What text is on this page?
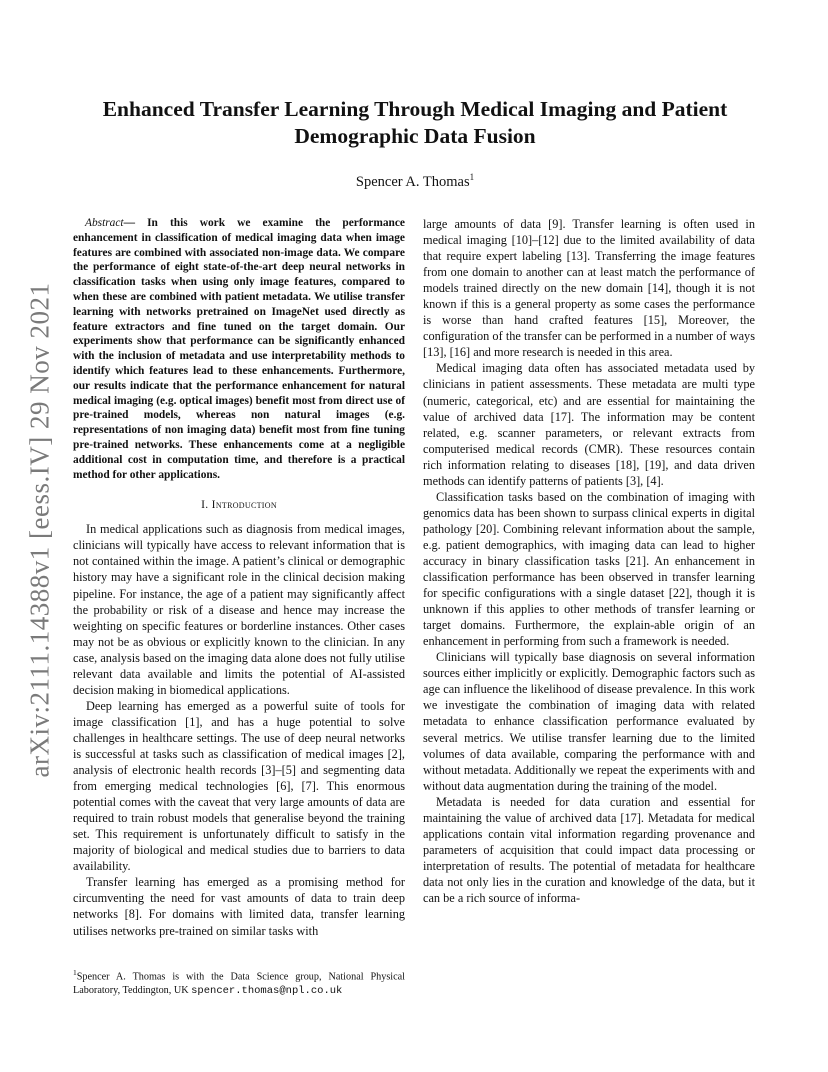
arXiv:2111.14388v1 [eess.IV] 29 Nov 2021
Enhanced Transfer Learning Through Medical Imaging and Patient Demographic Data Fusion
Spencer A. Thomas$^1$

Abstract— In this work we examine the performance enhancement in classification of medical imaging data when image features are combined with associated non-image data. We compare the performance of eight state-of-the-art deep neural networks in classification tasks when using only image features, compared to when these are combined with patient metadata. We utilise transfer learning with networks pretrained on ImageNet used directly as feature extractors and fine tuned on the target domain. Our experiments show that performance can be significantly enhanced with the inclusion of metadata and use interpretability methods to identify which features lead to these enhancements. Furthermore, our results indicate that the performance enhancement for natural medical imaging (e.g. optical images) benefit most from direct use of pre-trained models, whereas non natural images (e.g. representations of non imaging data) benefit most from fine tuning pre-trained networks. These enhancements come at a negligible additional cost in computation time, and therefore is a practical method for other applications.

I. Introduction

In medical applications such as diagnosis from medical images, clinicians will typically have access to relevant information that is not contained within the image. A patient’s clinical or demographic history may have a significant role in the clinical decision making pipeline. For instance, the age of a patient may significantly affect the probability or risk of a disease and hence may increase the weighting on specific features or borderline instances. Other cases may not be as obvious or explicitly known to the clinician. In any case, analysis based on the imaging data alone does not fully utilise relevant data available and limits the potential of AI-assisted decision making in biomedical applications.

Deep learning has emerged as a powerful suite of tools for image classification [1], and has a huge potential to solve challenges in healthcare settings. The use of deep neural networks is successful at tasks such as classification of medical images [2], analysis of electronic health records [3]–[5] and segmenting data from emerging medical technologies [6], [7]. This enormous potential comes with the caveat that very large amounts of data are required to train robust models that generalise beyond the training set. This requirement is unfortunately difficult to satisfy in the majority of biological and medical studies due to barriers to data availability.

Transfer learning has emerged as a promising method for circumventing the need for vast amounts of data to train deep networks [8]. For domains with limited data, transfer learning utilises networks pre-trained on similar tasks with

$^1$Spencer A. Thomas is with the Data Science group, National Physical Laboratory, Teddington, UK spencer.thomas@npl.co.uk

large amounts of data [9]. Transfer learning is often used in medical imaging [10]–[12] due to the limited availability of data that require expert labeling [13]. Transferring the image features from one domain to another can at least match the performance of models trained directly on the new domain [14], though it is not known if this is a general property as some cases the performance is worse than hand crafted features [15], Moreover, the configuration of the transfer can be performed in a number of ways [13], [16] and more research is needed in this area.

Medical imaging data often has associated metadata used by clinicians in patient assessments. These metadata are multi type (numeric, categorical, etc) and are essential for maintaining the value of archived data [17]. The information may be content related, e.g. scanner parameters, or relevant extracts from computerised medical records (CMR). These resources contain rich information relating to diseases [18], [19], and data driven methods can identify patterns of patients [3], [4].

Classification tasks based on the combination of imaging with genomics data has been shown to surpass clinical experts in digital pathology [20]. Combining relevant information about the sample, e.g. patient demographics, with imaging data can lead to higher accuracy in binary classification tasks [21]. An enhancement in classification performance has been observed in transfer learning for specific configurations with a single dataset [22], though it is unknown if this applies to other methods of transfer learning or target domains. Furthermore, the explain-able origin of an enhancement in performing from such a framework is needed.

Clinicians will typically base diagnosis on several information sources either implicitly or explicitly. Demographic factors such as age can influence the likelihood of disease prevalence. In this work we investigate the combination of imaging data with related metadata to enhance classification performance evaluated by several metrics. We utilise transfer learning due to the limited volumes of data available, comparing the performance with and without metadata. Additionally we repeat the experiments with and without data augmentation during the training of the model.

Metadata is needed for data curation and essential for maintaining the value of archived data [17]. Metadata for medical applications contain vital information regarding provenance and parameters of acquisition that could impact data processing or interpretation of results. The potential of metadata for healthcare data not only lies in the curation and knowledge of the data, but it can be a rich source of informa-
